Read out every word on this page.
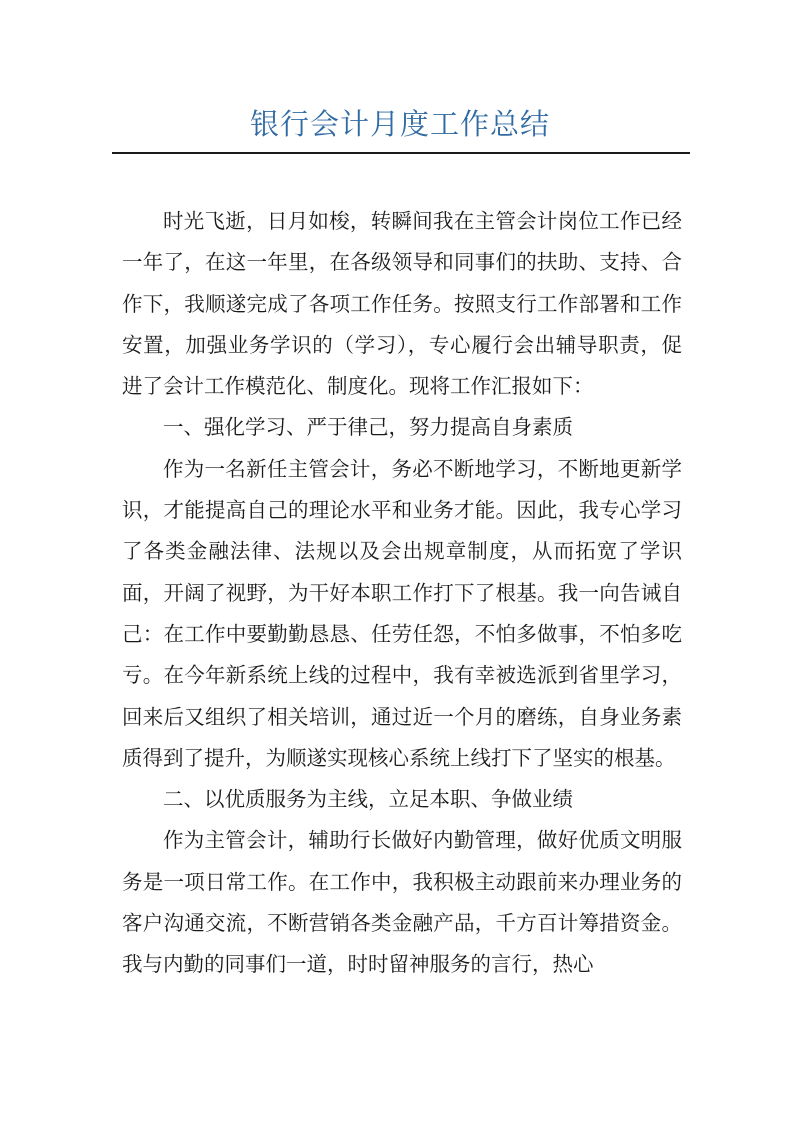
银行会计月度工作总结

时光飞逝，日月如梭，转瞬间我在主管会计岗位工作已经一年了，在这一年里，在各级领导和同事们的扶助、支持、合作下，我顺遂完成了各项工作任务。按照支行工作部署和工作安置，加强业务学识的（学习），专心履行会出辅导职责，促进了会计工作模范化、制度化。现将工作汇报如下：

一、强化学习、严于律己，努力提高自身素质

作为一名新任主管会计，务必不断地学习，不断地更新学识，才能提高自己的理论水平和业务才能。因此，我专心学习了各类金融法律、法规以及会出规章制度，从而拓宽了学识面，开阔了视野，为干好本职工作打下了根基。我一向告诫自己：在工作中要勤勤恳恳、任劳任怨，不怕多做事，不怕多吃亏。在今年新系统上线的过程中，我有幸被选派到省里学习，回来后又组织了相关培训，通过近一个月的磨练，自身业务素质得到了提升，为顺遂实现核心系统上线打下了坚实的根基。

二、以优质服务为主线，立足本职、争做业绩

作为主管会计，辅助行长做好内勤管理，做好优质文明服务是一项日常工作。在工作中，我积极主动跟前来办理业务的客户沟通交流，不断营销各类金融产品，千方百计筹措资金。我与内勤的同事们一道，时时留神服务的言行，热心
